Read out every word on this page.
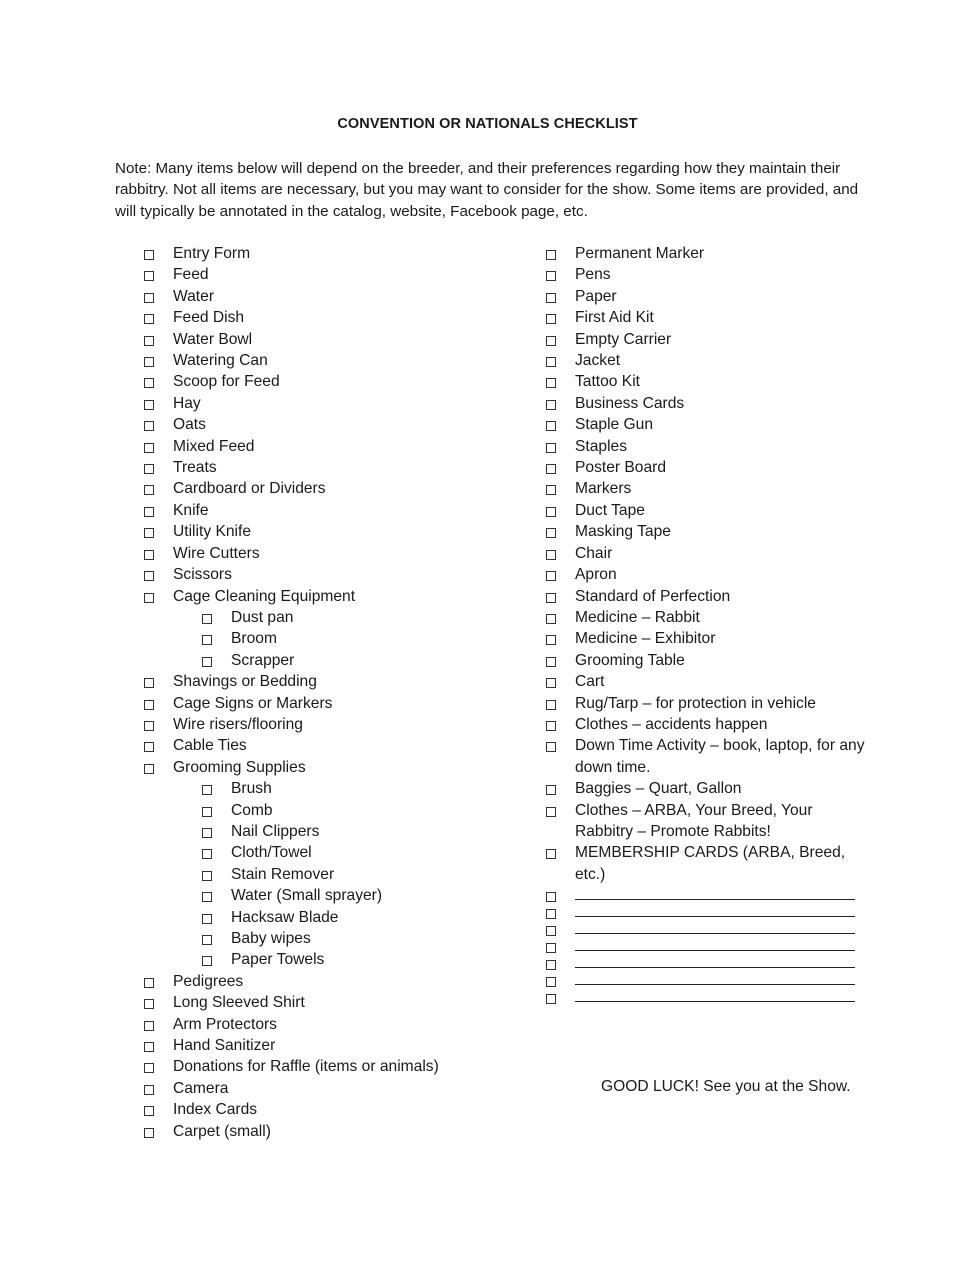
CONVENTION OR NATIONALS CHECKLIST
Note: Many items below will depend on the breeder, and their preferences regarding how they maintain their rabbitry. Not all items are necessary, but you may want to consider for the show. Some items are provided, and will typically be annotated in the catalog, website, Facebook page, etc.
Entry Form
Feed
Water
Feed Dish
Water Bowl
Watering Can
Scoop for Feed
Hay
Oats
Mixed Feed
Treats
Cardboard or Dividers
Knife
Utility Knife
Wire Cutters
Scissors
Cage Cleaning Equipment
Dust pan
Broom
Scrapper
Shavings or Bedding
Cage Signs or Markers
Wire risers/flooring
Cable Ties
Grooming Supplies
Brush
Comb
Nail Clippers
Cloth/Towel
Stain Remover
Water (Small sprayer)
Hacksaw Blade
Baby wipes
Paper Towels
Pedigrees
Long Sleeved Shirt
Arm Protectors
Hand Sanitizer
Donations for Raffle (items or animals)
Camera
Index Cards
Carpet (small)
Permanent Marker
Pens
Paper
First Aid Kit
Empty Carrier
Jacket
Tattoo Kit
Business Cards
Staple Gun
Staples
Poster Board
Markers
Duct Tape
Masking Tape
Chair
Apron
Standard of Perfection
Medicine – Rabbit
Medicine – Exhibitor
Grooming Table
Cart
Rug/Tarp – for protection in vehicle
Clothes – accidents happen
Down Time Activity – book, laptop, for any down time.
Baggies – Quart, Gallon
Clothes – ARBA, Your Breed, Your Rabbitry – Promote Rabbits!
MEMBERSHIP CARDS (ARBA, Breed, etc.)
GOOD LUCK! See you at the Show.
